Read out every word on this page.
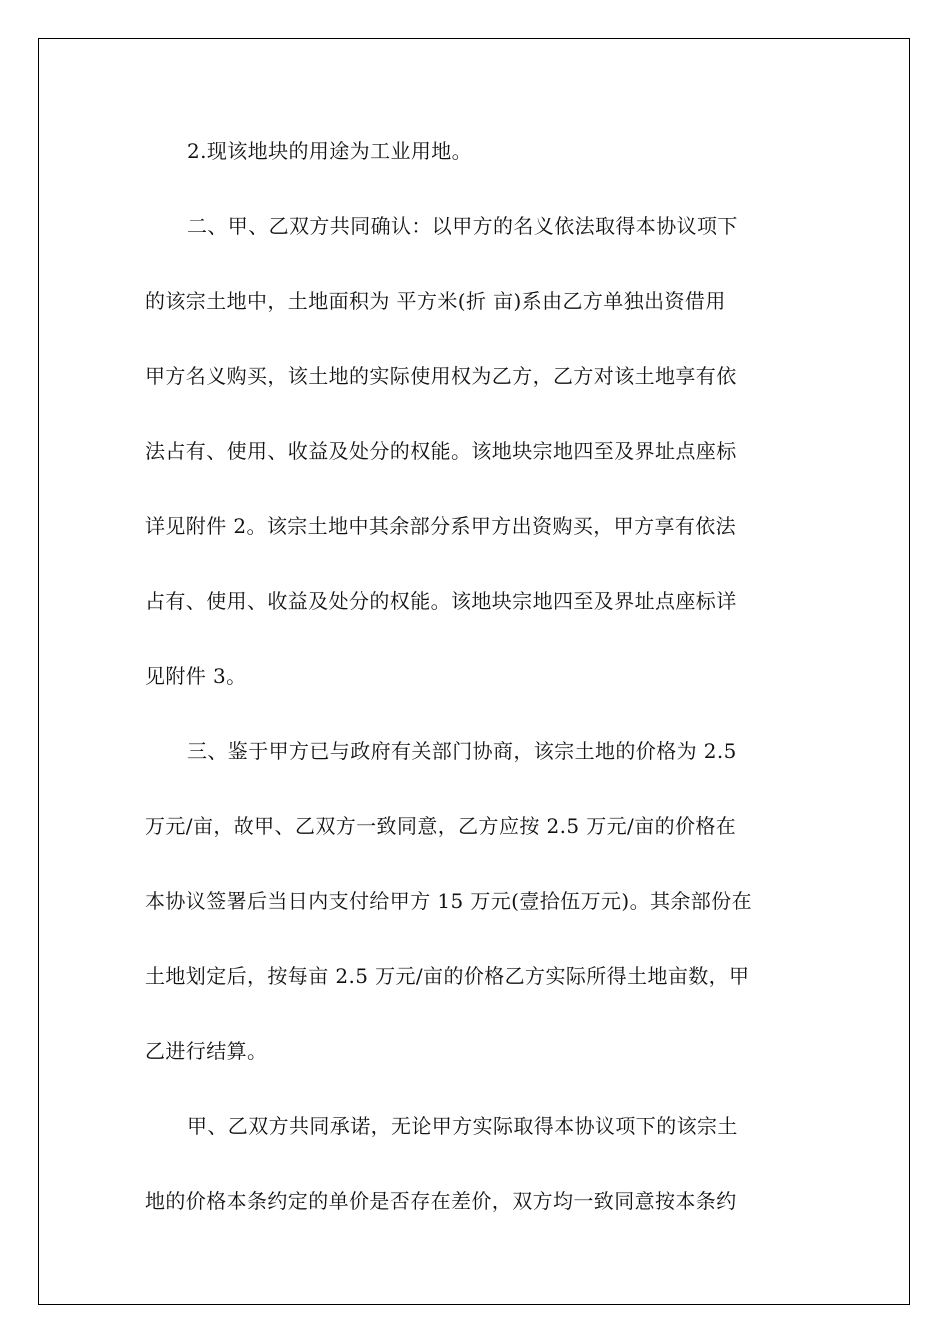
2.现该地块的用途为工业用地。
二、甲、乙双方共同确认：以甲方的名义依法取得本协议项下
的该宗土地中，土地面积为 平方米(折 亩)系由乙方单独出资借用
甲方名义购买，该土地的实际使用权为乙方，乙方对该土地享有依
法占有、使用、收益及处分的权能。该地块宗地四至及界址点座标
详见附件 2。该宗土地中其余部分系甲方出资购买，甲方享有依法
占有、使用、收益及处分的权能。该地块宗地四至及界址点座标详
见附件 3。
三、鉴于甲方已与政府有关部门协商，该宗土地的价格为 2.5
万元/亩，故甲、乙双方一致同意，乙方应按 2.5 万元/亩的价格在
本协议签署后当日内支付给甲方 15 万元(壹拾伍万元)。其余部份在
土地划定后，按每亩 2.5 万元/亩的价格乙方实际所得土地亩数，甲
乙进行结算。
甲、乙双方共同承诺，无论甲方实际取得本协议项下的该宗土
地的价格本条约定的单价是否存在差价，双方均一致同意按本条约
